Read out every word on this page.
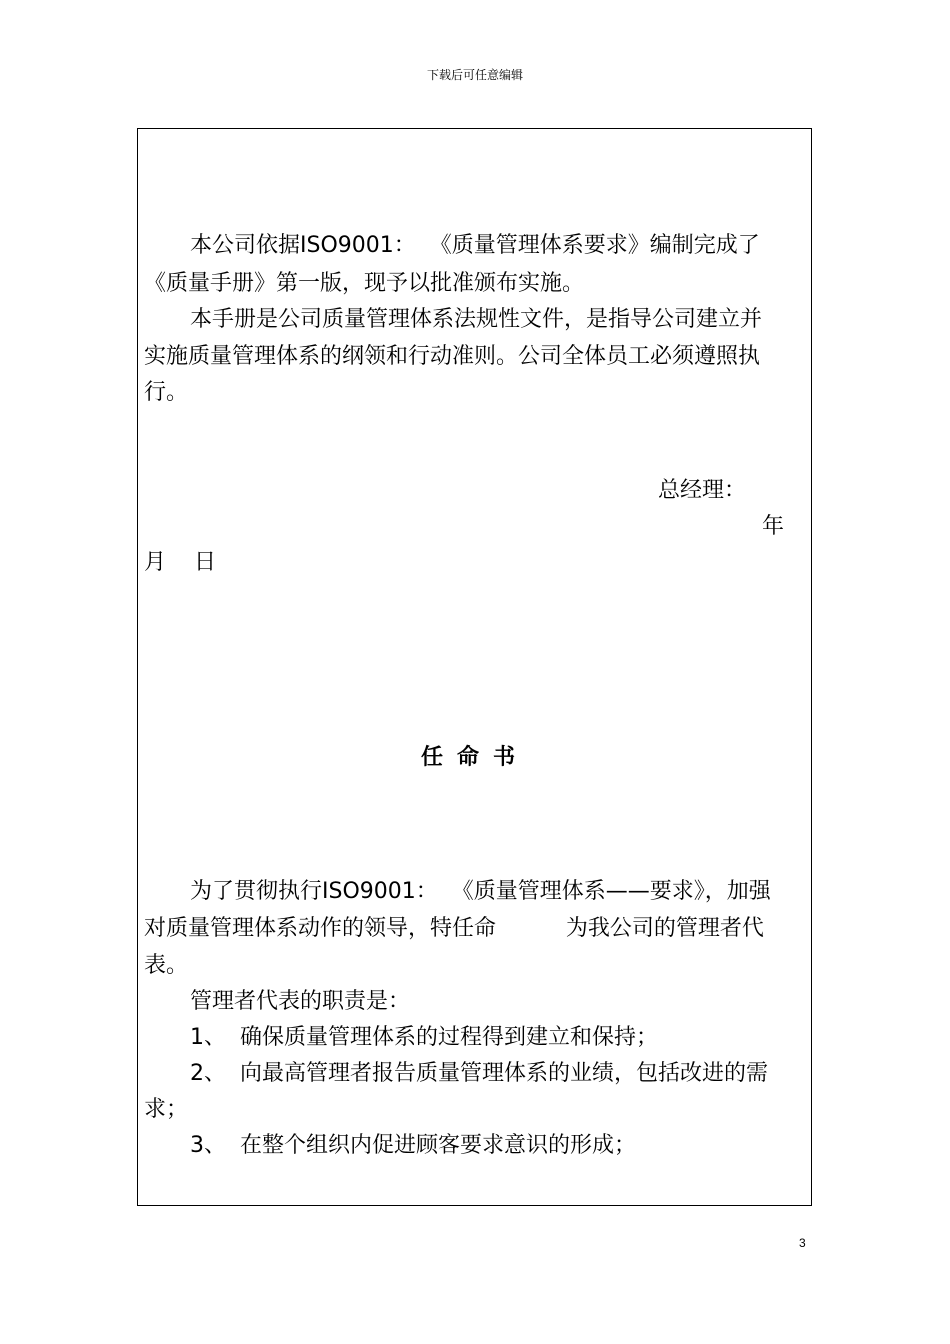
下载后可任意编辑
本公司依据ISO9001：  《质量管理体系要求》编制完成了
《质量手册》第一版，现予以批准颁布实施。
本手册是公司质量管理体系法规性文件，是指导公司建立并
实施质量管理体系的纲领和行动准则。公司全体员工必须遵照执
行。
总经理：
年
月    日
任命书
为了贯彻执行ISO9001：  《质量管理体系——要求》，加强
对质量管理体系动作的领导，特任命          为我公司的管理者代
表。
管理者代表的职责是：
1、  确保质量管理体系的过程得到建立和保持；
2、  向最高管理者报告质量管理体系的业绩，包括改进的需
求；
3、  在整个组织内促进顾客要求意识的形成；
3
